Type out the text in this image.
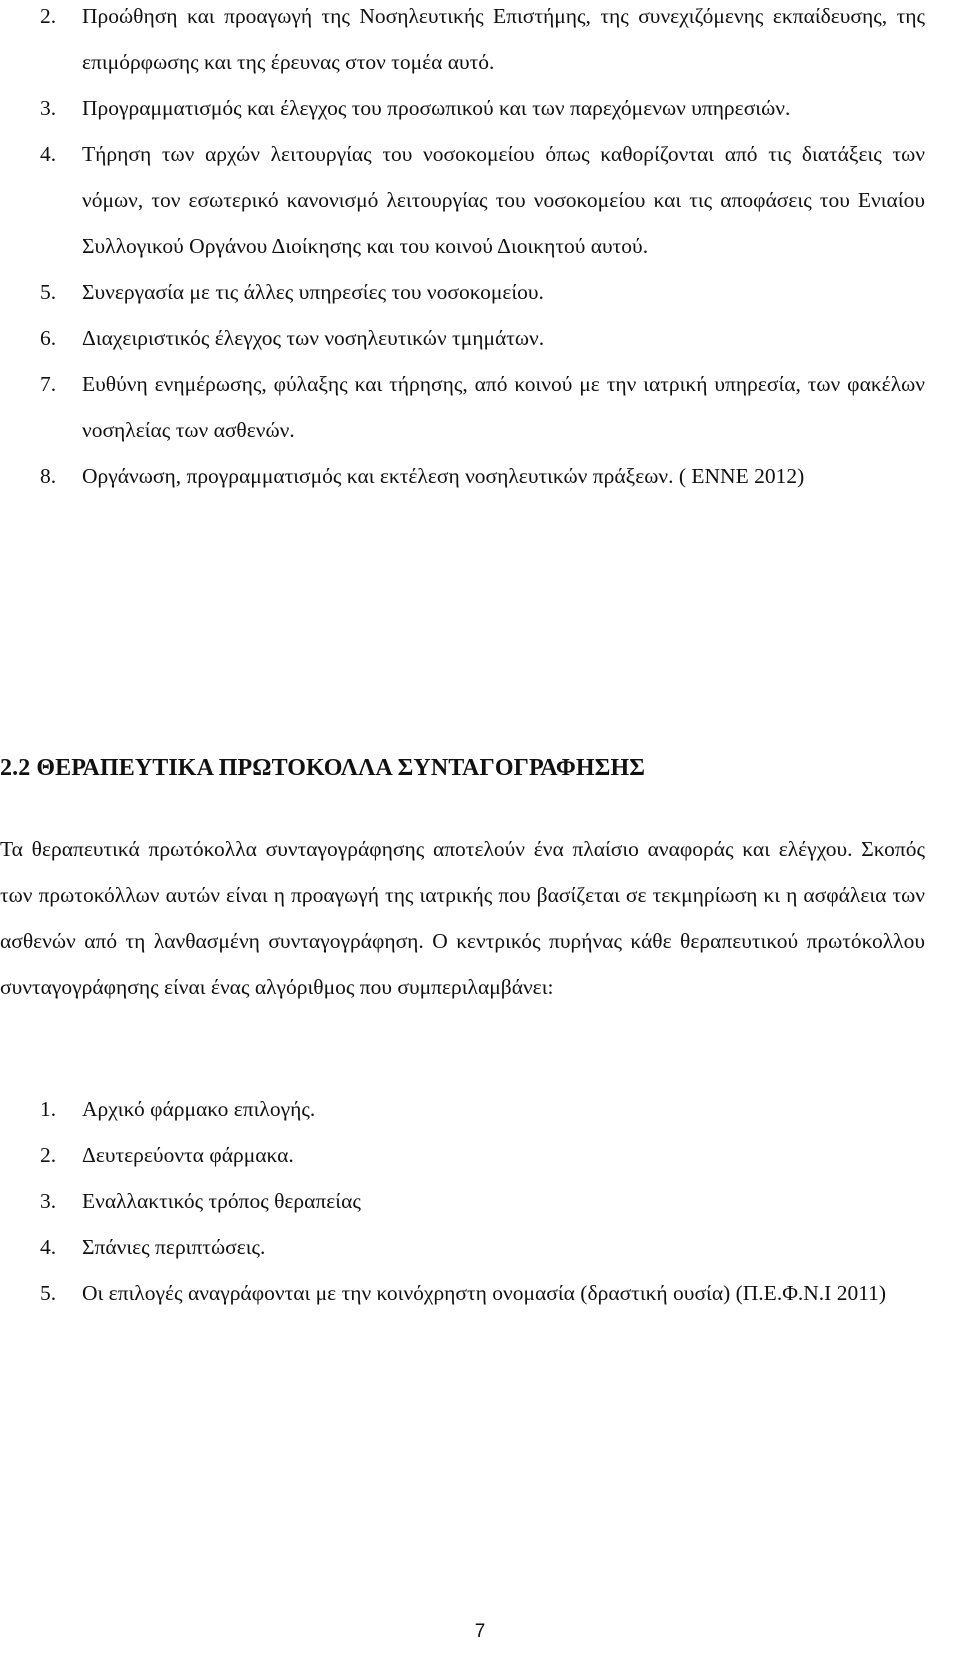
2.	Προώθηση και προαγωγή της Νοσηλευτικής Επιστήμης, της συνεχιζόμενης εκπαίδευσης, της επιμόρφωσης και της έρευνας στον τομέα αυτό.
3.	Προγραμματισμός και έλεγχος του προσωπικού και των παρεχόμενων υπηρεσιών.
4.	Τήρηση των αρχών λειτουργίας του νοσοκομείου όπως καθορίζονται από τις διατάξεις των νόμων, τον εσωτερικό κανονισμό λειτουργίας του νοσοκομείου και τις αποφάσεις του Ενιαίου Συλλογικού Οργάνου Διοίκησης και του κοινού Διοικητού αυτού.
5.	Συνεργασία με τις άλλες υπηρεσίες του νοσοκομείου.
6.	Διαχειριστικός έλεγχος των νοσηλευτικών τμημάτων.
7.	Ευθύνη ενημέρωσης, φύλαξης και τήρησης, από κοινού με την ιατρική υπηρεσία, των φακέλων νοσηλείας των ασθενών.
8.	Οργάνωση, προγραμματισμός και εκτέλεση νοσηλευτικών πράξεων. ( ΕΝΝΕ 2012)
2.2 ΘΕΡΑΠΕΥΤΙΚΑ ΠΡΩΤΟΚΟΛΛΑ ΣΥΝΤΑΓΟΓΡΑΦΗΣΗΣ

Τα θεραπευτικά πρωτόκολλα συνταγογράφησης αποτελούν ένα πλαίσιο αναφοράς και ελέγχου. Σκοπός των πρωτοκόλλων αυτών είναι η προαγωγή της ιατρικής που βασίζεται σε τεκμηρίωση κι η ασφάλεια των ασθενών από τη λανθασμένη συνταγογράφηση. Ο κεντρικός πυρήνας κάθε θεραπευτικού πρωτόκολλου συνταγογράφησης είναι ένας αλγόριθμος που συμπεριλαμβάνει:

1.	Αρχικό φάρμακο επιλογής.
2.	Δευτερεύοντα φάρμακα.
3.	Εναλλακτικός τρόπος θεραπείας
4.	Σπάνιες περιπτώσεις.
5.	Οι επιλογές αναγράφονται με την κοινόχρηστη ονομασία (δραστική ουσία) (Π.Ε.Φ.Ν.Ι 2011)
7
